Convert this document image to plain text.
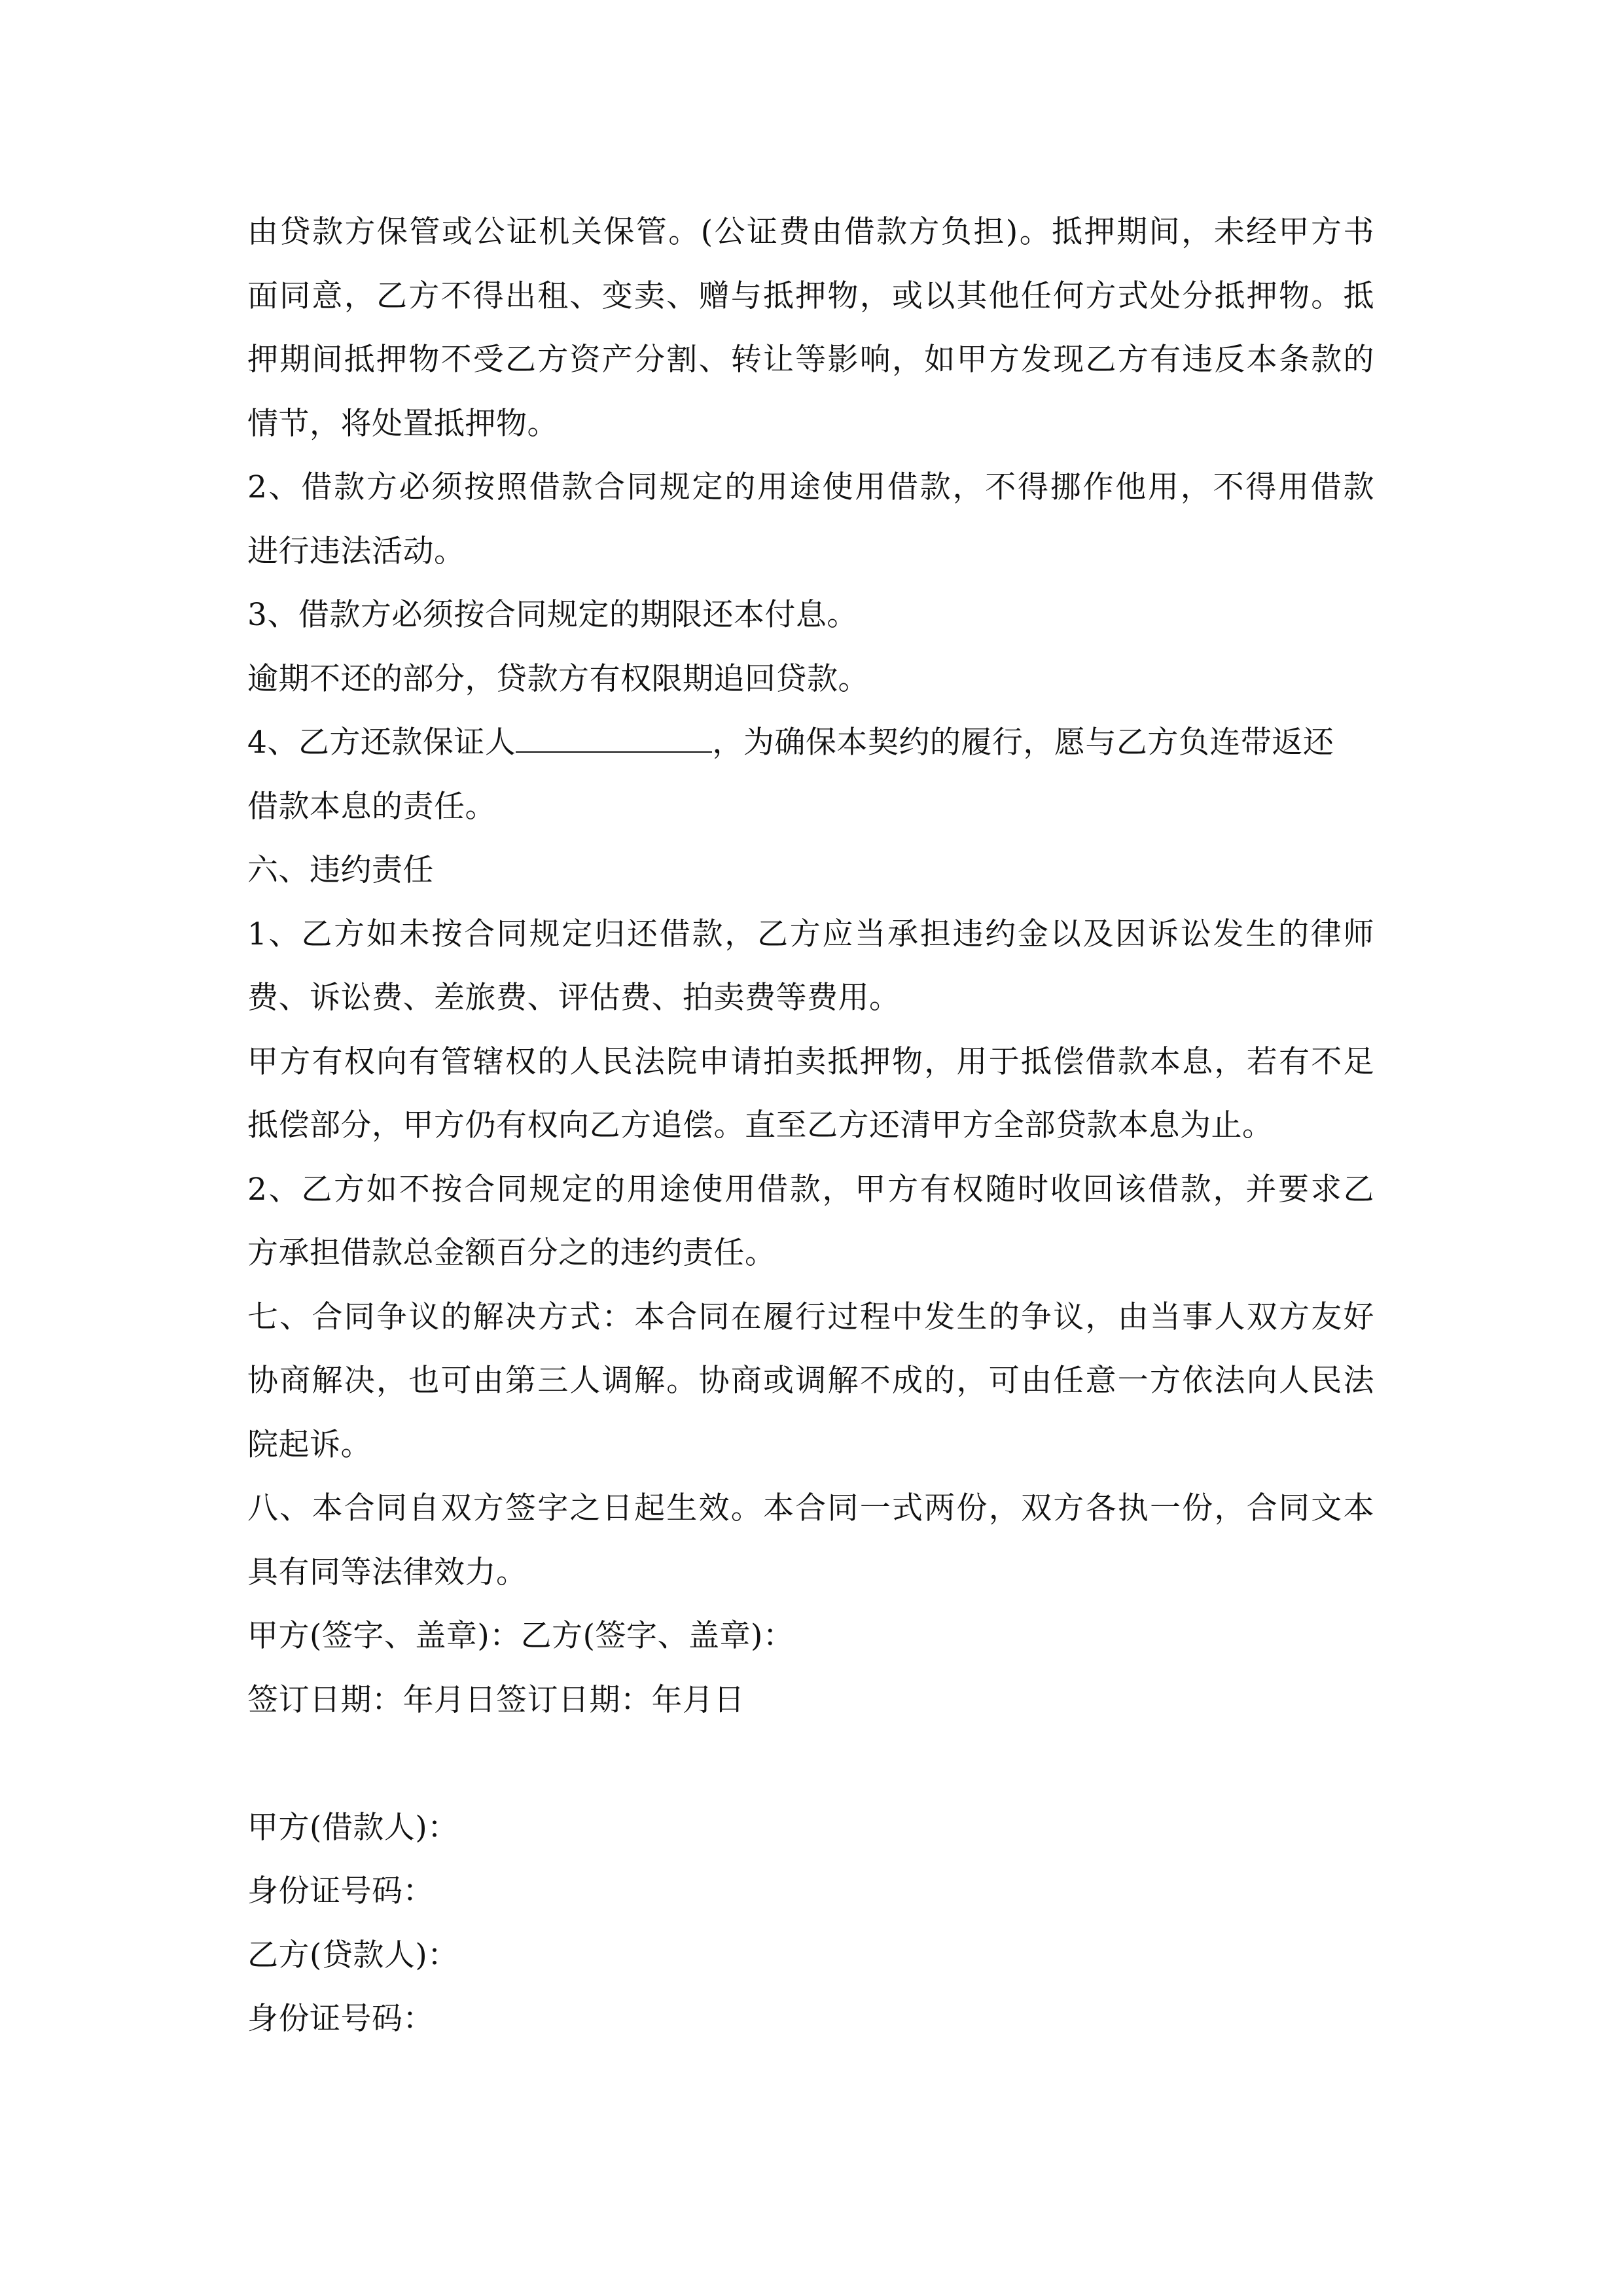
由贷款方保管或公证机关保管。(公证费由借款方负担)。抵押期间，未经甲方书
面同意，乙方不得出租、变卖、赠与抵押物，或以其他任何方式处分抵押物。抵
押期间抵押物不受乙方资产分割、转让等影响，如甲方发现乙方有违反本条款的
情节，将处置抵押物。
2、借款方必须按照借款合同规定的用途使用借款，不得挪作他用，不得用借款
进行违法活动。
3、借款方必须按合同规定的期限还本付息。
逾期不还的部分，贷款方有权限期追回贷款。
4、乙方还款保证人	，为确保本契约的履行，愿与乙方负连带返还
借款本息的责任。
六、违约责任
1、乙方如未按合同规定归还借款，乙方应当承担违约金以及因诉讼发生的律师
费、诉讼费、差旅费、评估费、拍卖费等费用。
甲方有权向有管辖权的人民法院申请拍卖抵押物，用于抵偿借款本息，若有不足
抵偿部分，甲方仍有权向乙方追偿。直至乙方还清甲方全部贷款本息为止。
2、乙方如不按合同规定的用途使用借款，甲方有权随时收回该借款，并要求乙
方承担借款总金额百分之的违约责任。
七、合同争议的解决方式：本合同在履行过程中发生的争议，由当事人双方友好
协商解决，也可由第三人调解。协商或调解不成的，可由任意一方依法向人民法
院起诉。
八、本合同自双方签字之日起生效。本合同一式两份，双方各执一份，合同文本
具有同等法律效力。
甲方(签字、盖章)：乙方(签字、盖章)：
签订日期：年月日签订日期：年月日
甲方(借款人)：
身份证号码：
乙方(贷款人)：
身份证号码：
